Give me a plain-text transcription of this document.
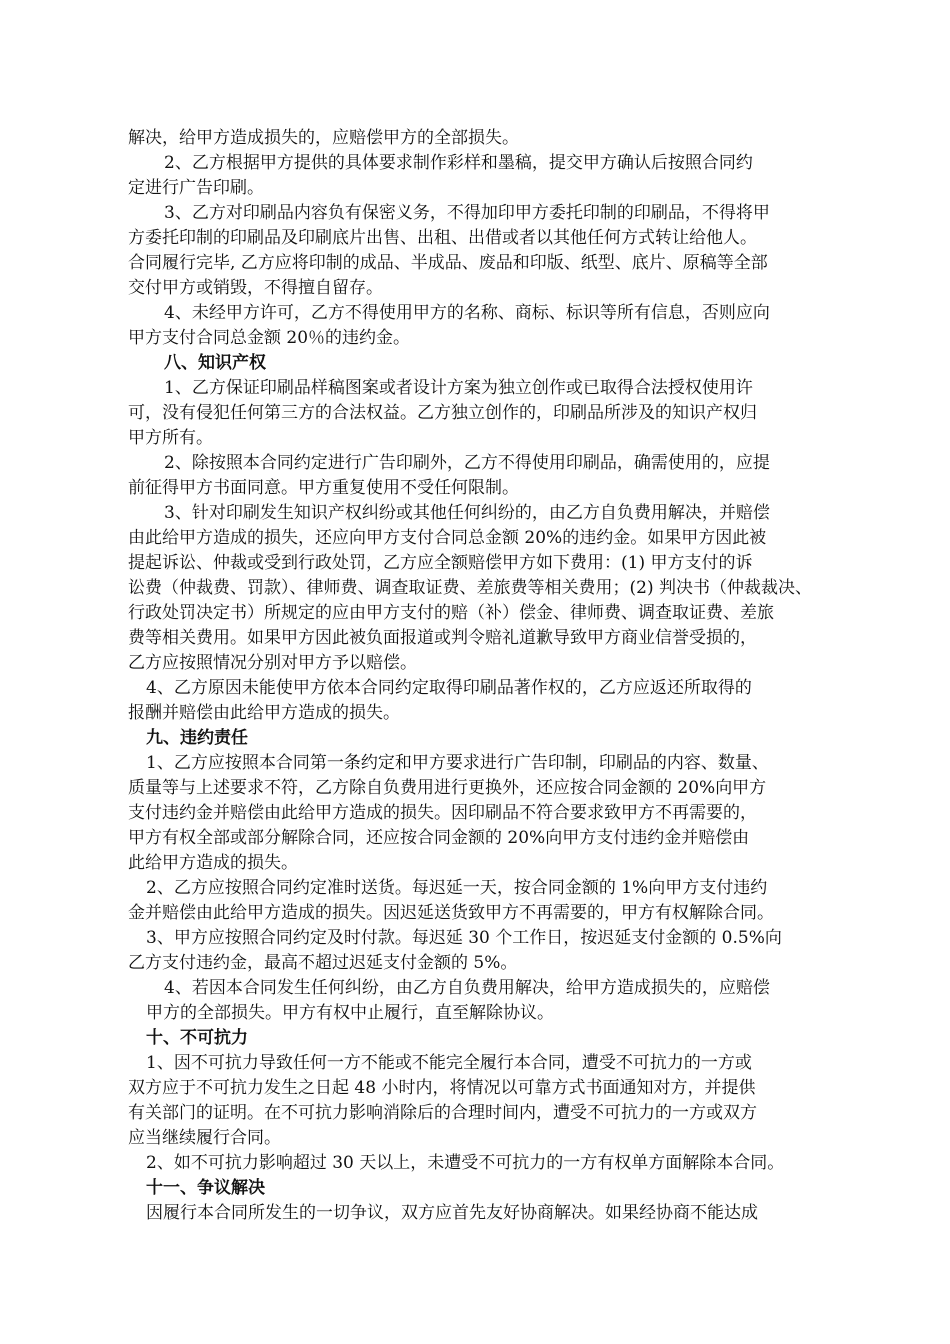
解决，给甲方造成损失的，应赔偿甲方的全部损失。
2、乙方根据甲方提供的具体要求制作彩样和墨稿，提交甲方确认后按照合同约
定进行广告印刷。
3、乙方对印刷品内容负有保密义务，不得加印甲方委托印制的印刷品，不得将甲
方委托印制的印刷品及印刷底片出售、出租、出借或者以其他任何方式转让给他人。
合同履行完毕, 乙方应将印制的成品、半成品、废品和印版、纸型、底片、原稿等全部
交付甲方或销毁，不得擅自留存。
4、未经甲方许可，乙方不得使用甲方的名称、商标、标识等所有信息，否则应向
甲方支付合同总金额 20％的违约金。
八、知识产权
1、乙方保证印刷品样稿图案或者设计方案为独立创作或已取得合法授权使用许
可，没有侵犯任何第三方的合法权益。乙方独立创作的，印刷品所涉及的知识产权归
甲方所有。
2、除按照本合同约定进行广告印刷外，乙方不得使用印刷品，确需使用的，应提
前征得甲方书面同意。甲方重复使用不受任何限制。
3、针对印刷发生知识产权纠纷或其他任何纠纷的，由乙方自负费用解决，并赔偿
由此给甲方造成的损失，还应向甲方支付合同总金额 20%的违约金。如果甲方因此被
提起诉讼、仲裁或受到行政处罚，乙方应全额赔偿甲方如下费用：(1) 甲方支付的诉
讼费（仲裁费、罚款）、律师费、调查取证费、差旅费等相关费用；(2) 判决书（仲裁裁决、
行政处罚决定书）所规定的应由甲方支付的赔（补）偿金、律师费、调查取证费、差旅
费等相关费用。如果甲方因此被负面报道或判令赔礼道歉导致甲方商业信誉受损的，
乙方应按照情况分别对甲方予以赔偿。
4、乙方原因未能使甲方依本合同约定取得印刷品著作权的，乙方应返还所取得的
报酬并赔偿由此给甲方造成的损失。
九、违约责任
1、乙方应按照本合同第一条约定和甲方要求进行广告印制，印刷品的内容、数量、
质量等与上述要求不符，乙方除自负费用进行更换外，还应按合同金额的 20%向甲方
支付违约金并赔偿由此给甲方造成的损失。因印刷品不符合要求致甲方不再需要的，
甲方有权全部或部分解除合同，还应按合同金额的 20%向甲方支付违约金并赔偿由
此给甲方造成的损失。
2、乙方应按照合同约定准时送货。每迟延一天，按合同金额的 1%向甲方支付违约
金并赔偿由此给甲方造成的损失。因迟延送货致甲方不再需要的，甲方有权解除合同。
3、甲方应按照合同约定及时付款。每迟延 30 个工作日，按迟延支付金额的 0.5%向
乙方支付违约金，最高不超过迟延支付金额的 5%。
4、若因本合同发生任何纠纷，由乙方自负费用解决，给甲方造成损失的，应赔偿
甲方的全部损失。甲方有权中止履行，直至解除协议。
十、不可抗力
1、因不可抗力导致任何一方不能或不能完全履行本合同，遭受不可抗力的一方或
双方应于不可抗力发生之日起 48 小时内，将情况以可靠方式书面通知对方，并提供
有关部门的证明。在不可抗力影响消除后的合理时间内，遭受不可抗力的一方或双方
应当继续履行合同。
2、如不可抗力影响超过 30 天以上，未遭受不可抗力的一方有权单方面解除本合同。
十一、争议解决
因履行本合同所发生的一切争议，双方应首先友好协商解决。如果经协商不能达成
